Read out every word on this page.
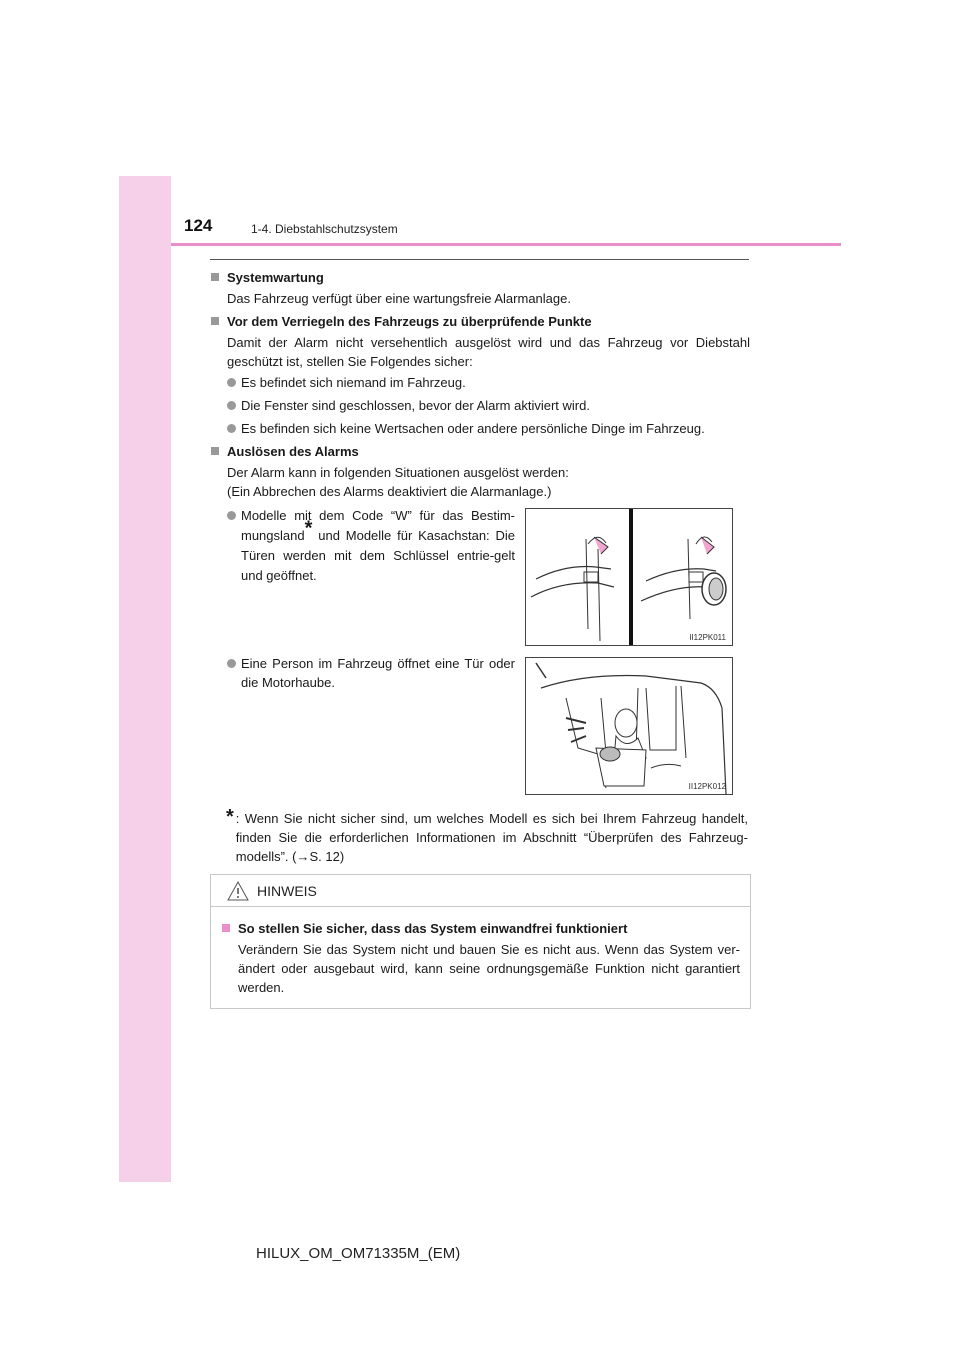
124	1-4. Diebstahlschutzsystem
Systemwartung
Das Fahrzeug verfügt über eine wartungsfreie Alarmanlage.
Vor dem Verriegeln des Fahrzeugs zu überprüfende Punkte
Damit der Alarm nicht versehentlich ausgelöst wird und das Fahrzeug vor Diebstahl geschützt ist, stellen Sie Folgendes sicher:
Es befindet sich niemand im Fahrzeug.
Die Fenster sind geschlossen, bevor der Alarm aktiviert wird.
Es befinden sich keine Wertsachen oder andere persönliche Dinge im Fahrzeug.
Auslösen des Alarms
Der Alarm kann in folgenden Situationen ausgelöst werden:
(Ein Abbrechen des Alarms deaktiviert die Alarmanlage.)
Modelle mit dem Code “W” für das Bestim-mungsland* und Modelle für Kasachstan: Die Türen werden mit dem Schlüssel entrie-gelt und geöffnet.
II12PK011
Eine Person im Fahrzeug öffnet eine Tür oder die Motorhaube.
II12PK012
* : Wenn Sie nicht sicher sind, um welches Modell es sich bei Ihrem Fahrzeug handelt, finden Sie die erforderlichen Informationen im Abschnitt “Überprüfen des Fahrzeug-modells”. (→S. 12)
HINWEIS
So stellen Sie sicher, dass das System einwandfrei funktioniert
Verändern Sie das System nicht und bauen Sie es nicht aus. Wenn das System ver-ändert oder ausgebaut wird, kann seine ordnungsgemäße Funktion nicht garantiert werden.
HILUX_OM_OM71335M_(EM)
